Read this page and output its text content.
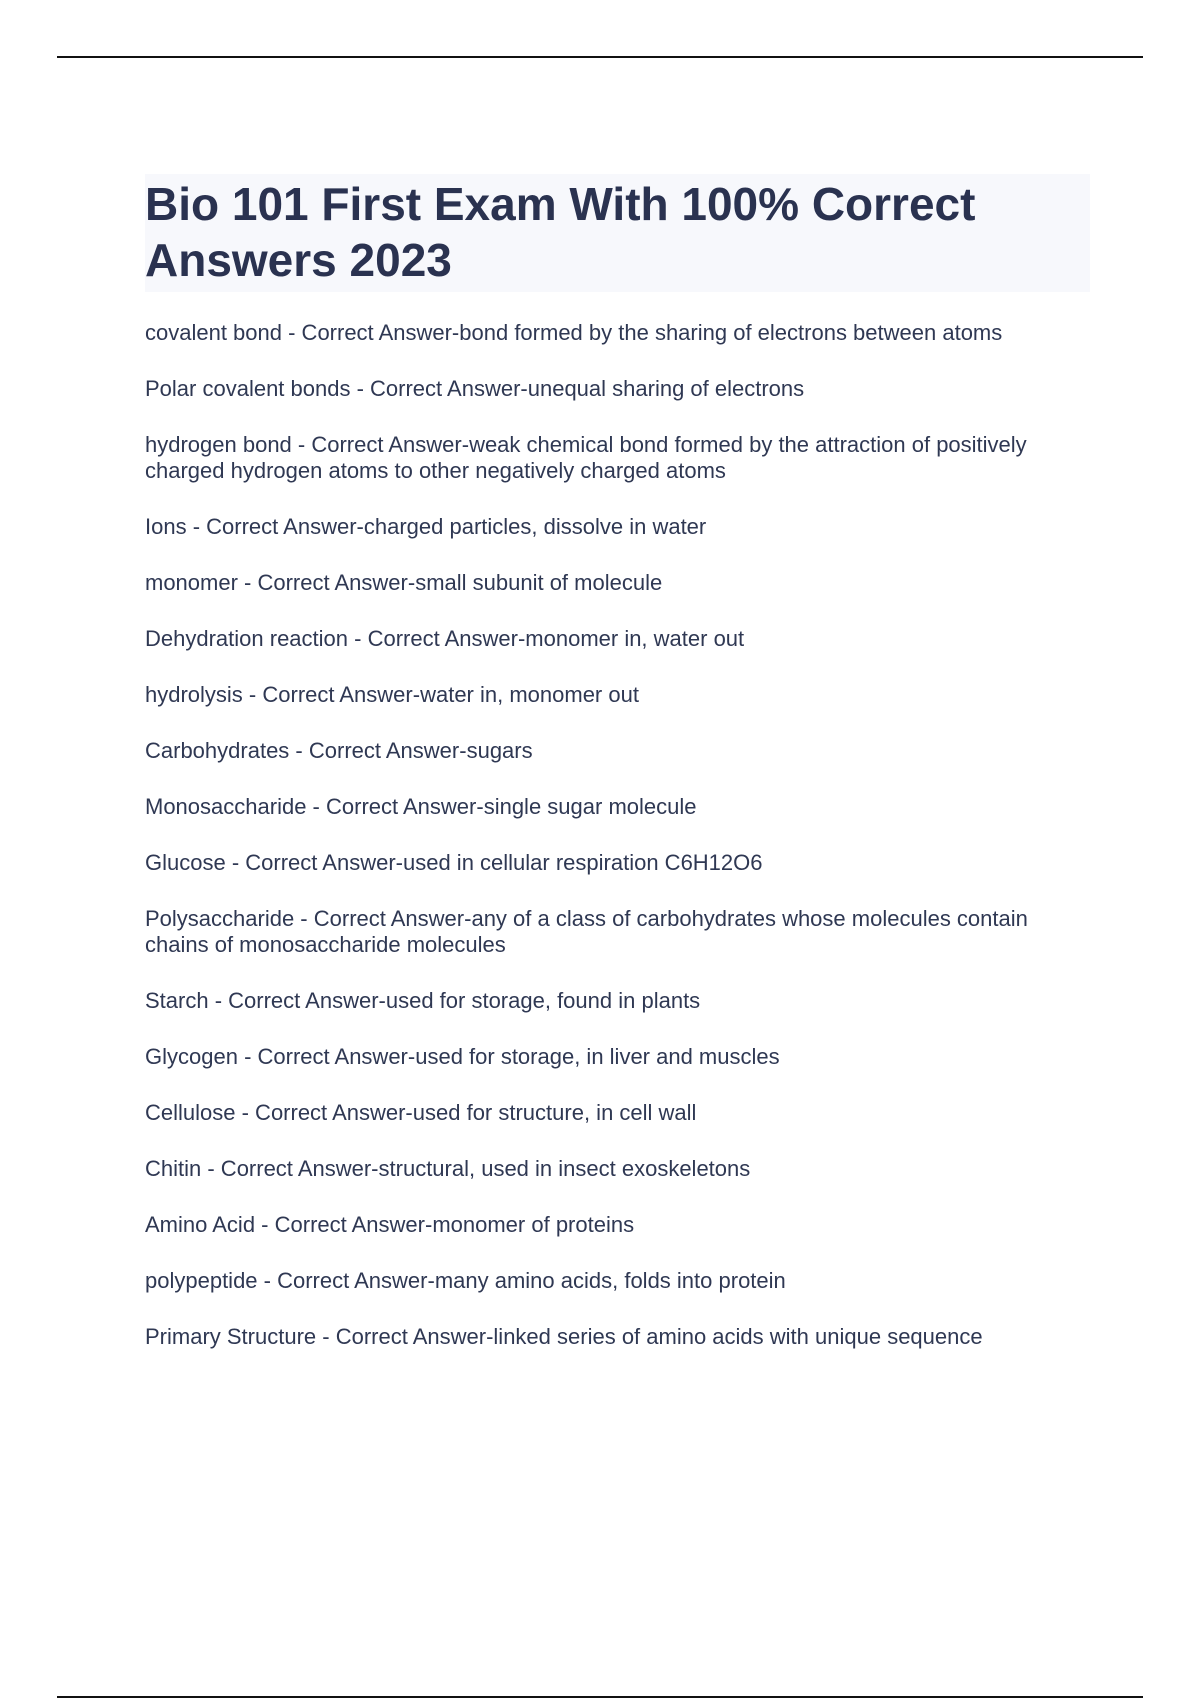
Bio 101 First Exam With 100% Correct Answers 2023

covalent bond - Correct Answer-bond formed by the sharing of electrons between atoms

Polar covalent bonds - Correct Answer-unequal sharing of electrons

hydrogen bond - Correct Answer-weak chemical bond formed by the attraction of positively charged hydrogen atoms to other negatively charged atoms

Ions - Correct Answer-charged particles, dissolve in water

monomer - Correct Answer-small subunit of molecule

Dehydration reaction - Correct Answer-monomer in, water out

hydrolysis - Correct Answer-water in, monomer out

Carbohydrates - Correct Answer-sugars

Monosaccharide - Correct Answer-single sugar molecule

Glucose - Correct Answer-used in cellular respiration C6H12O6

Polysaccharide - Correct Answer-any of a class of carbohydrates whose molecules contain chains of monosaccharide molecules

Starch - Correct Answer-used for storage, found in plants

Glycogen - Correct Answer-used for storage, in liver and muscles

Cellulose - Correct Answer-used for structure, in cell wall

Chitin - Correct Answer-structural, used in insect exoskeletons

Amino Acid - Correct Answer-monomer of proteins

polypeptide - Correct Answer-many amino acids, folds into protein

Primary Structure - Correct Answer-linked series of amino acids with unique sequence
